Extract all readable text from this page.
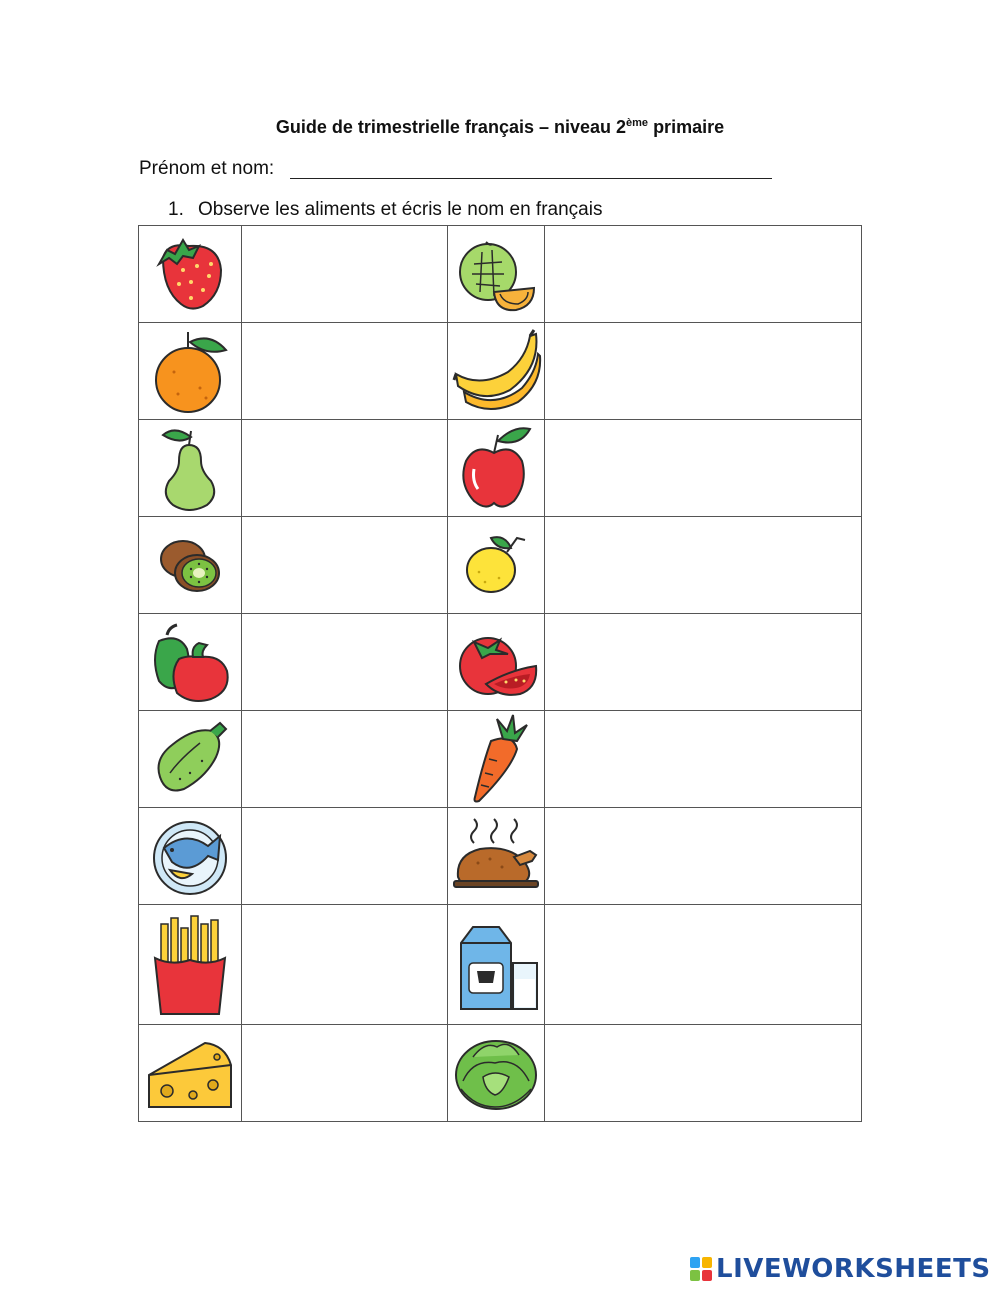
Guide de trimestrielle français – niveau 2ème primaire
Prénom et nom:
1. Observe les aliments et écris le nom en français

LIVEWORKSHEETS
